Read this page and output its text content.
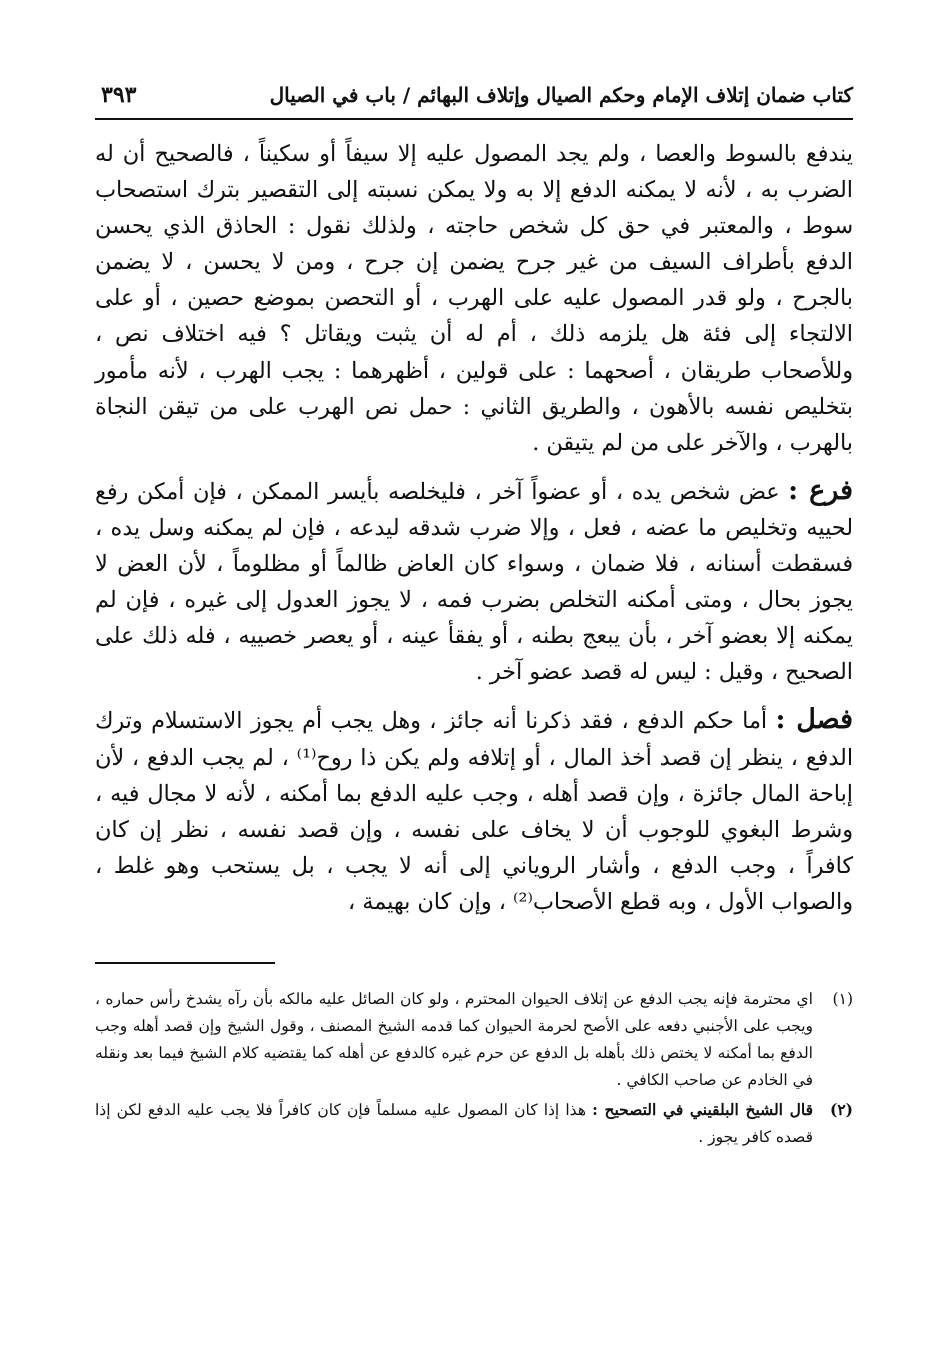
كتاب ضمان إتلاف الإمام وحكم الصيال وإتلاف البهائم / باب في الصيال
٣٩٣

يندفع بالسوط والعصا ، ولم يجد المصول عليه إلا سيفاً أو سكيناً ، فالصحيح أن له الضرب به ، لأنه لا يمكنه الدفع إلا به ولا يمكن نسبته إلى التقصير بترك استصحاب سوط ، والمعتبر في حق كل شخص حاجته ، ولذلك نقول : الحاذق الذي يحسن الدفع بأطراف السيف من غير جرح يضمن إن جرح ، ومن لا يحسن ، لا يضمن بالجرح ، ولو قدر المصول عليه على الهرب ، أو التحصن بموضع حصين ، أو على الالتجاء إلى فئة هل يلزمه ذلك ، أم له أن يثبت ويقاتل ؟ فيه اختلاف نص ، وللأصحاب طريقان ، أصحهما : على قولين ، أظهرهما : يجب الهرب ، لأنه مأمور بتخليص نفسه بالأهون ، والطريق الثاني : حمل نص الهرب على من تيقن النجاة بالهرب ، والآخر على من لم يتيقن .

فرع : عض شخص يده ، أو عضواً آخر ، فليخلصه بأيسر الممكن ، فإن أمكن رفع لحييه وتخليص ما عضه ، فعل ، وإلا ضرب شدقه ليدعه ، فإن لم يمكنه وسل يده ، فسقطت أسنانه ، فلا ضمان ، وسواء كان العاض ظالماً أو مظلوماً ، لأن العض لا يجوز بحال ، ومتى أمكنه التخلص بضرب فمه ، لا يجوز العدول إلى غيره ، فإن لم يمكنه إلا بعضو آخر ، بأن يبعج بطنه ، أو يفقأ عينه ، أو يعصر خصييه ، فله ذلك على الصحيح ، وقيل : ليس له قصد عضو آخر .

فصل : أما حكم الدفع ، فقد ذكرنا أنه جائز ، وهل يجب أم يجوز الاستسلام وترك الدفع ، ينظر إن قصد أخذ المال ، أو إتلافه ولم يكن ذا روح⁽¹⁾ ، لم يجب الدفع ، لأن إباحة المال جائزة ، وإن قصد أهله ، وجب عليه الدفع بما أمكنه ، لأنه لا مجال فيه ، وشرط البغوي للوجوب أن لا يخاف على نفسه ، وإن قصد نفسه ، نظر إن كان كافراً ، وجب الدفع ، وأشار الروياني إلى أنه لا يجب ، بل يستحب وهو غلط ، والصواب الأول ، وبه قطع الأصحاب⁽²⁾ ، وإن كان بهيمة ،

(١)
اي محترمة فإنه يجب الدفع عن إتلاف الحيوان المحترم ، ولو كان الصائل عليه مالكه بأن رآه يشدخ رأس حماره ، ويجب على الأجنبي دفعه على الأصح لحرمة الحيوان كما قدمه الشيخ المصنف ، وقول الشيخ وإن قصد أهله وجب الدفع بما أمكنه لا يختص ذلك بأهله بل الدفع عن حرم غيره كالدفع عن أهله كما يقتضيه كلام الشيخ فيما بعد ونقله في الخادم عن صاحب الكافي .
(٢)
قال الشيخ البلقيني في التصحيح : هذا إذا كان المصول عليه مسلماً فإن كان كافراً فلا يجب عليه الدفع لكن إذا قصده كافر يجوز .
